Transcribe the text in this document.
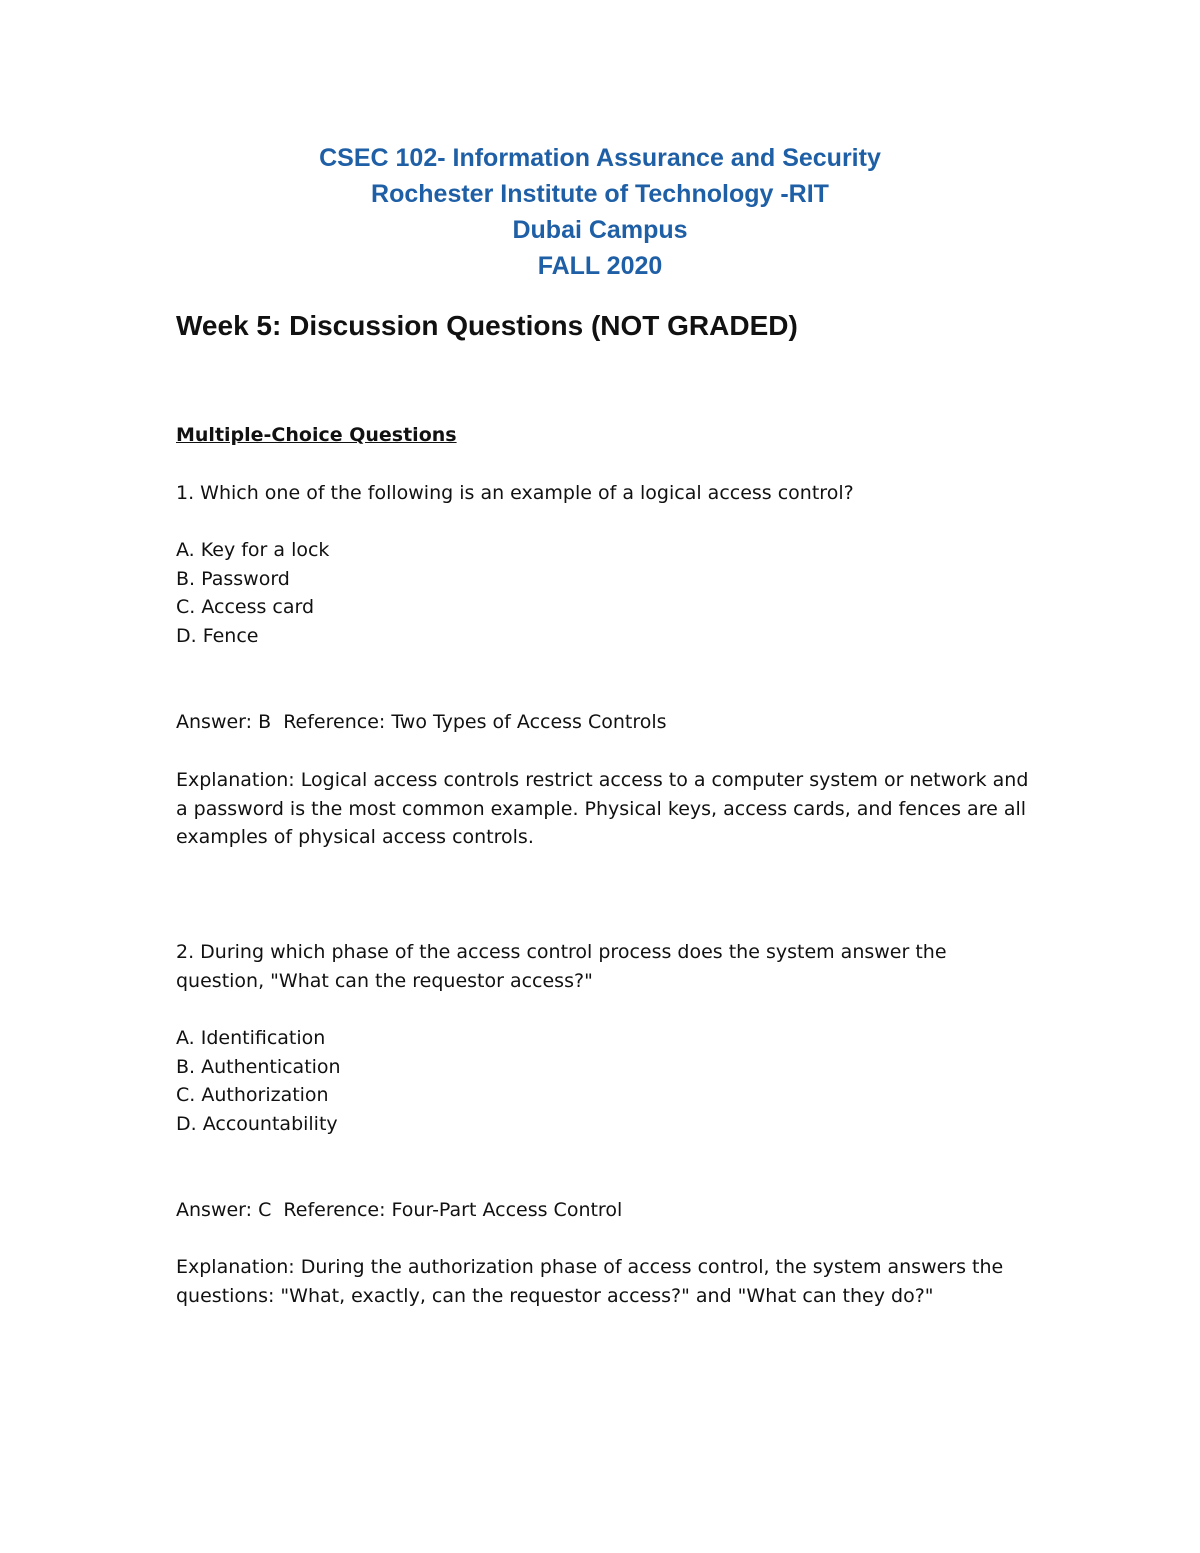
CSEC 102- Information Assurance and Security
Rochester Institute of Technology -RIT
Dubai Campus
FALL 2020
Week 5: Discussion Questions (NOT GRADED)
Multiple-Choice Questions
1. Which one of the following is an example of a logical access control?
A. Key for a lock
B. Password
C. Access card
D. Fence
Answer: B  Reference: Two Types of Access Controls
Explanation: Logical access controls restrict access to a computer system or network and a password is the most common example. Physical keys, access cards, and fences are all examples of physical access controls.
2. During which phase of the access control process does the system answer the question, "What can the requestor access?"
A. Identification
B. Authentication
C. Authorization
D. Accountability
Answer: C  Reference: Four-Part Access Control
Explanation: During the authorization phase of access control, the system answers the questions: "What, exactly, can the requestor access?" and "What can they do?"
